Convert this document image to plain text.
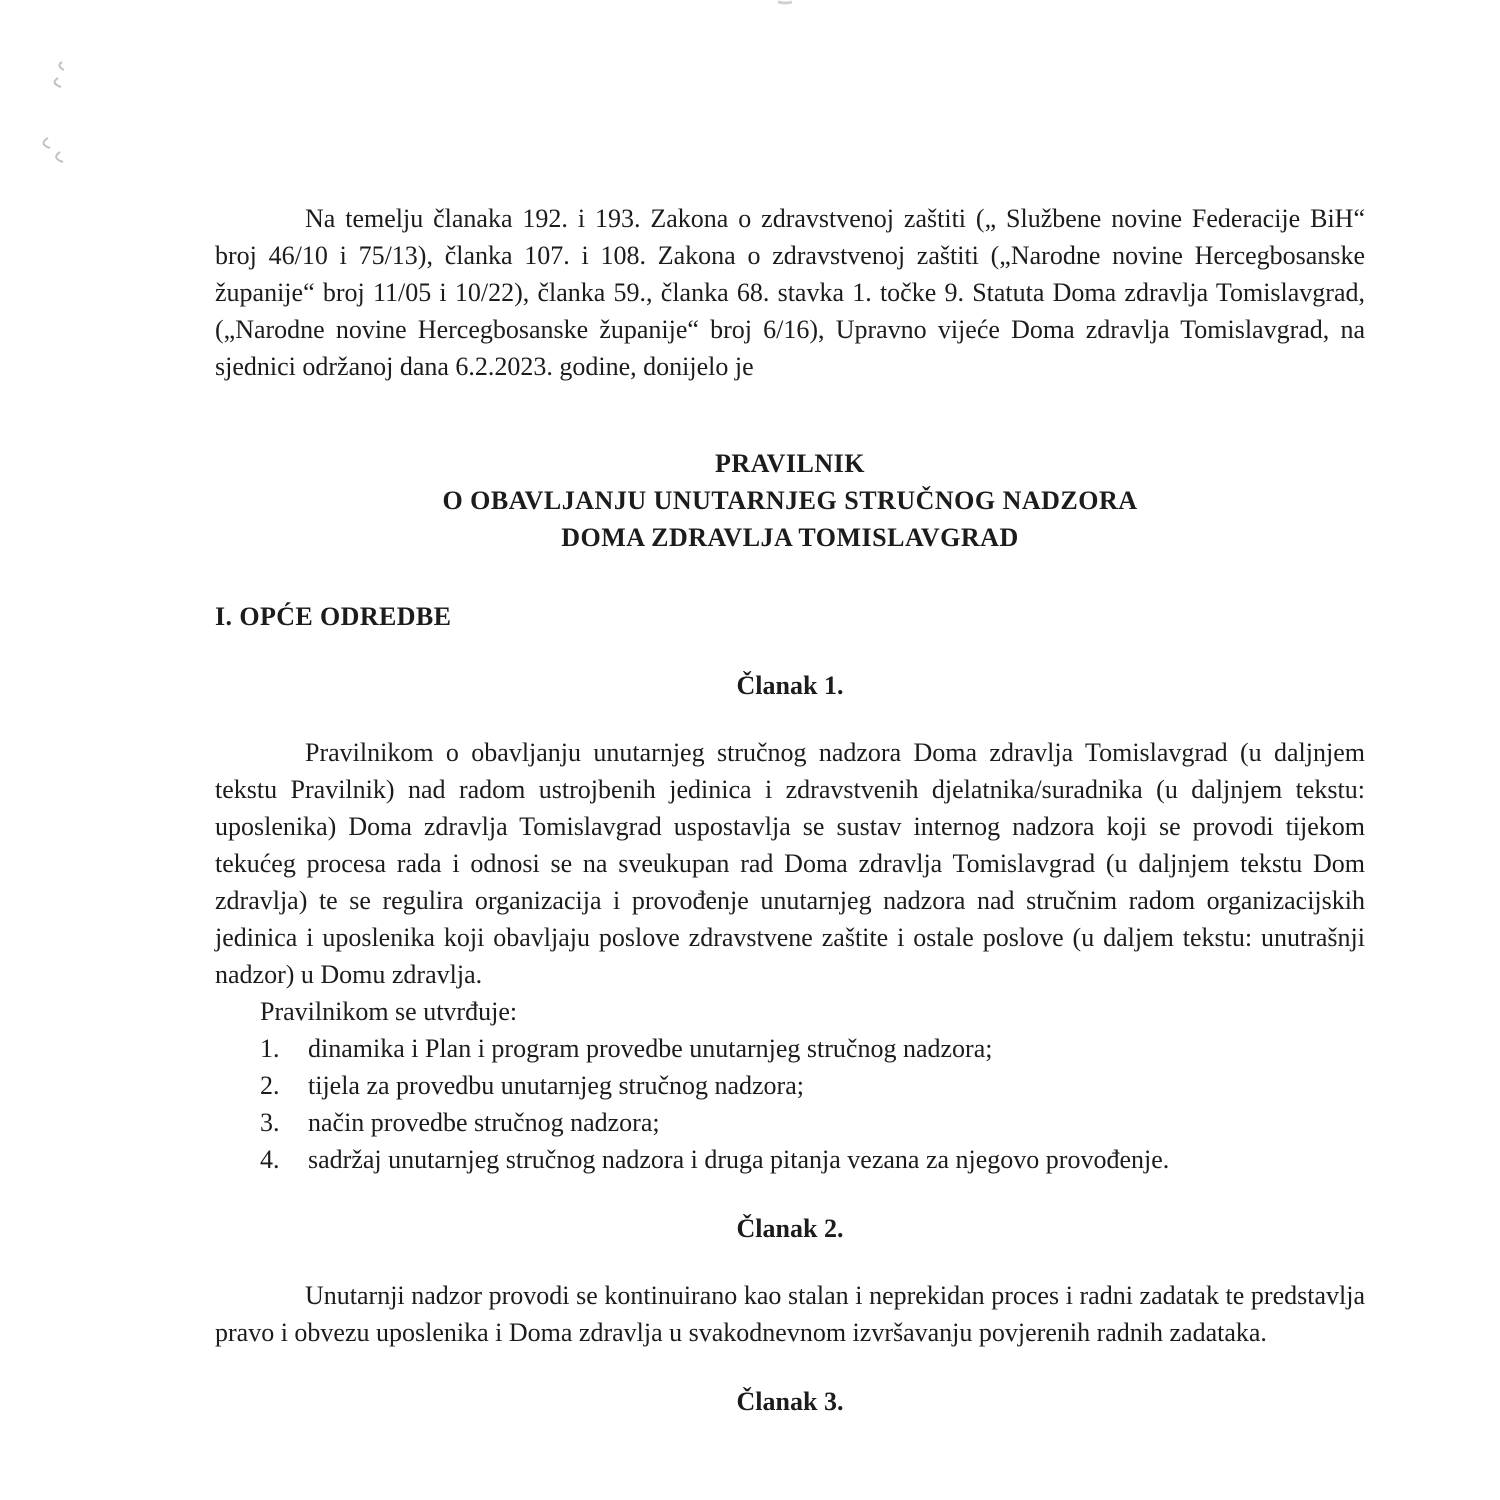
Na temelju članaka 192. i 193. Zakona o zdravstvenoj zaštiti („ Službene novine Federacije BiH“ broj 46/10 i 75/13), članka 107. i 108. Zakona o zdravstvenoj zaštiti („Narodne novine Hercegbosanske županije“ broj 11/05 i 10/22), članka 59., članka 68. stavka 1. točke 9. Statuta Doma zdravlja Tomislavgrad, („Narodne novine Hercegbosanske županije“ broj 6/16), Upravno vijeće Doma zdravlja Tomislavgrad, na sjednici održanoj dana 6.2.2023. godine, donijelo je

PRAVILNIK

O OBAVLJANJU UNUTARNJEG STRUČNOG NADZORA

DOMA ZDRAVLJA TOMISLAVGRAD

I. OPĆE ODREDBE

Članak 1.

Pravilnikom o obavljanju unutarnjeg stručnog nadzora Doma zdravlja Tomislavgrad (u daljnjem tekstu Pravilnik) nad radom ustrojbenih jedinica i zdravstvenih djelatnika/suradnika (u daljnjem tekstu: uposlenika) Doma zdravlja Tomislavgrad uspostavlja se sustav internog nadzora koji se provodi tijekom tekućeg procesa rada i odnosi se na sveukupan rad Doma zdravlja Tomislavgrad (u daljnjem tekstu Dom zdravlja) te se regulira organizacija i provođenje unutarnjeg nadzora nad stručnim radom organizacijskih jedinica i uposlenika koji obavljaju poslove zdravstvene zaštite i ostale poslove (u daljem tekstu: unutrašnji nadzor) u Domu zdravlja.

Pravilnikom se utvrđuje:

1.	dinamika i Plan i program provedbe unutarnjeg stručnog nadzora;
2.	tijela za provedbu unutarnjeg stručnog nadzora;
3.	način provedbe stručnog nadzora;
4.	sadržaj unutarnjeg stručnog nadzora i druga pitanja vezana za njegovo provođenje.

Članak 2.

Unutarnji nadzor provodi se kontinuirano kao stalan i neprekidan proces i radni zadatak te predstavlja pravo i obvezu uposlenika i Doma zdravlja u svakodnevnom izvršavanju povjerenih radnih zadataka.

Članak 3.
